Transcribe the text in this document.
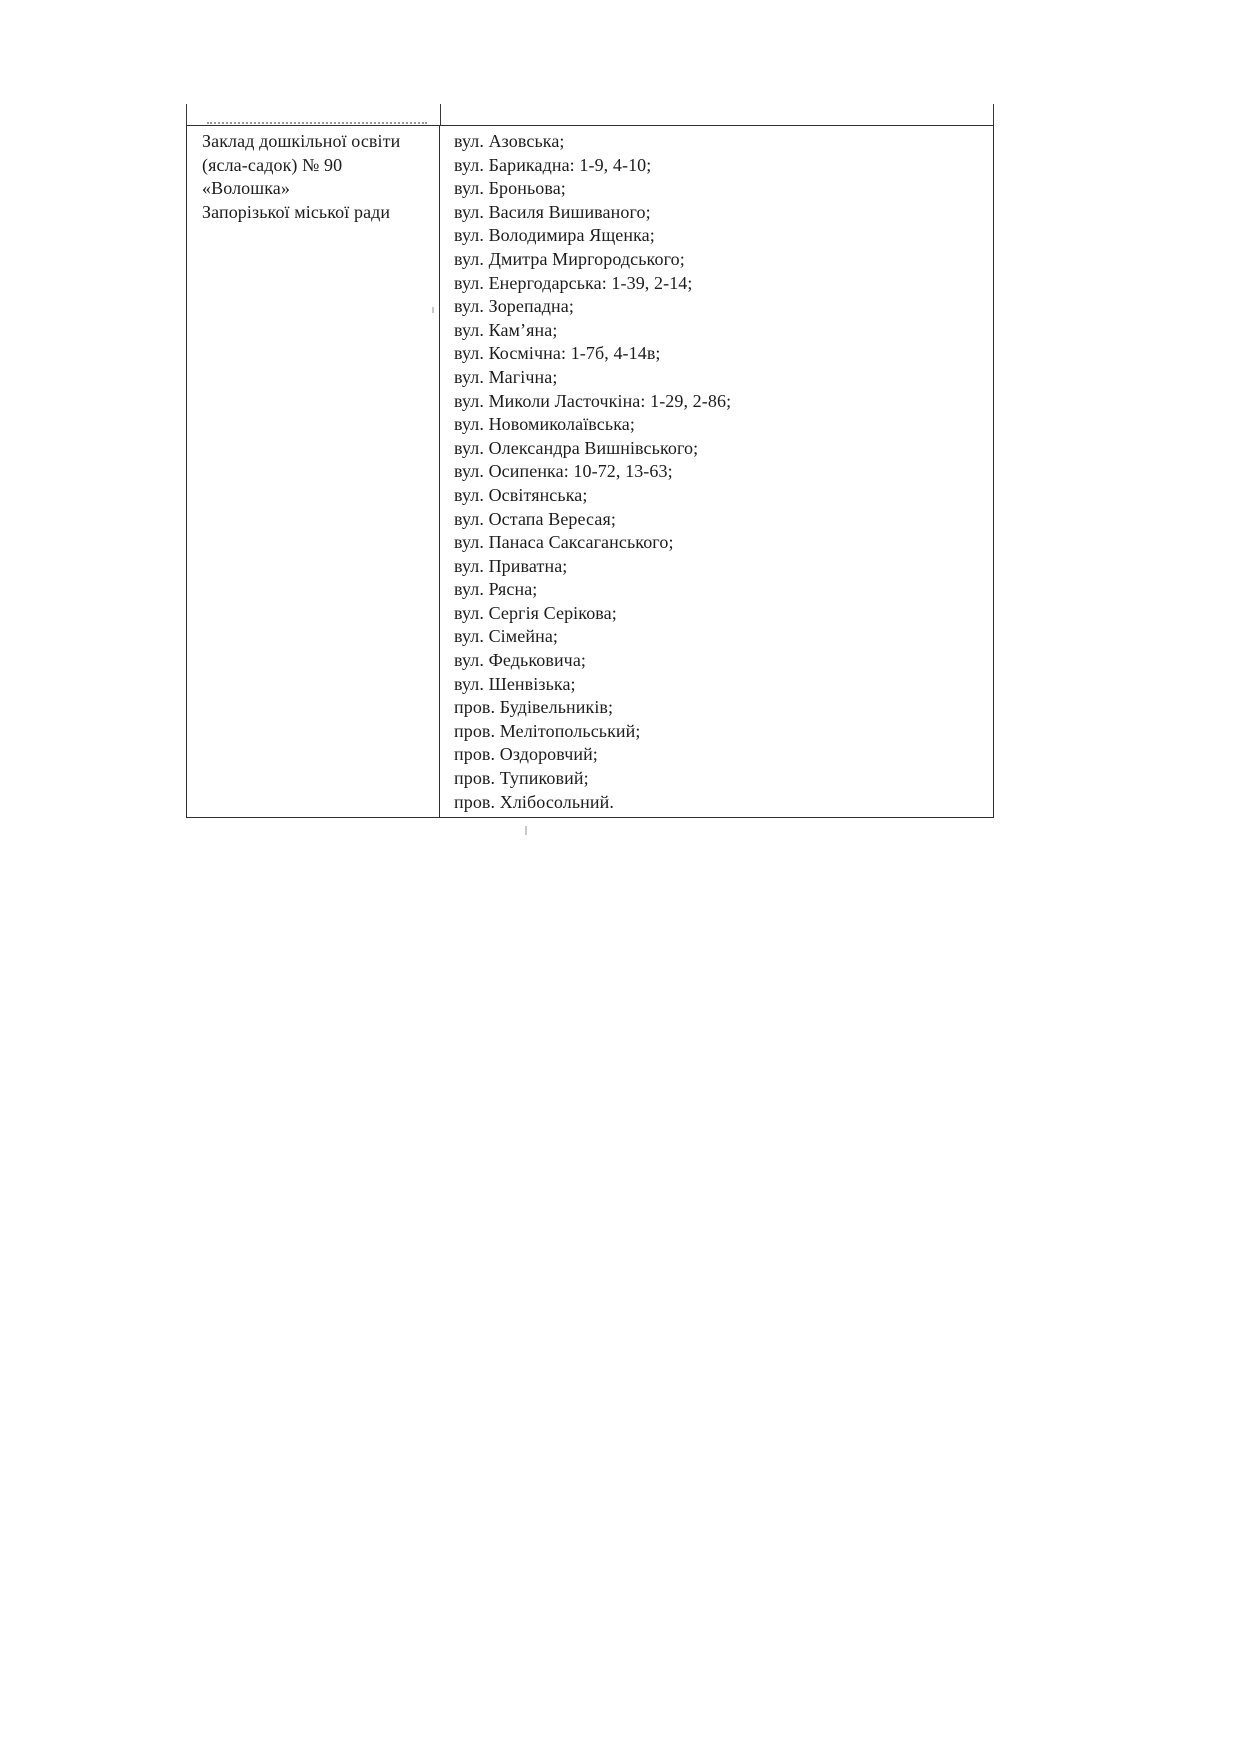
Заклад дошкільної освіти
(ясла-садок) № 90
«Волошка»
Запорізької міської ради
вул. Азовська;
вул. Барикадна: 1-9, 4-10;
вул. Броньова;
вул. Василя Вишиваного;
вул. Володимира Ященка;
вул. Дмитра Миргородського;
вул. Енергодарська: 1-39, 2-14;
вул. Зорепадна;
вул. Кам’яна;
вул. Космічна: 1-7б, 4-14в;
вул. Магічна;
вул. Миколи Ласточкіна: 1-29, 2-86;
вул. Новомиколаївська;
вул. Олександра Вишнівського;
вул. Осипенка: 10-72, 13-63;
вул. Освітянська;
вул. Остапа Вересая;
вул. Панаса Саксаганського;
вул. Приватна;
вул. Рясна;
вул. Сергія Серікова;
вул. Сімейна;
вул. Федьковича;
вул. Шенвізька;
пров. Будівельників;
пров. Мелітопольський;
пров. Оздоровчий;
пров. Тупиковий;
пров. Хлібосольний.
